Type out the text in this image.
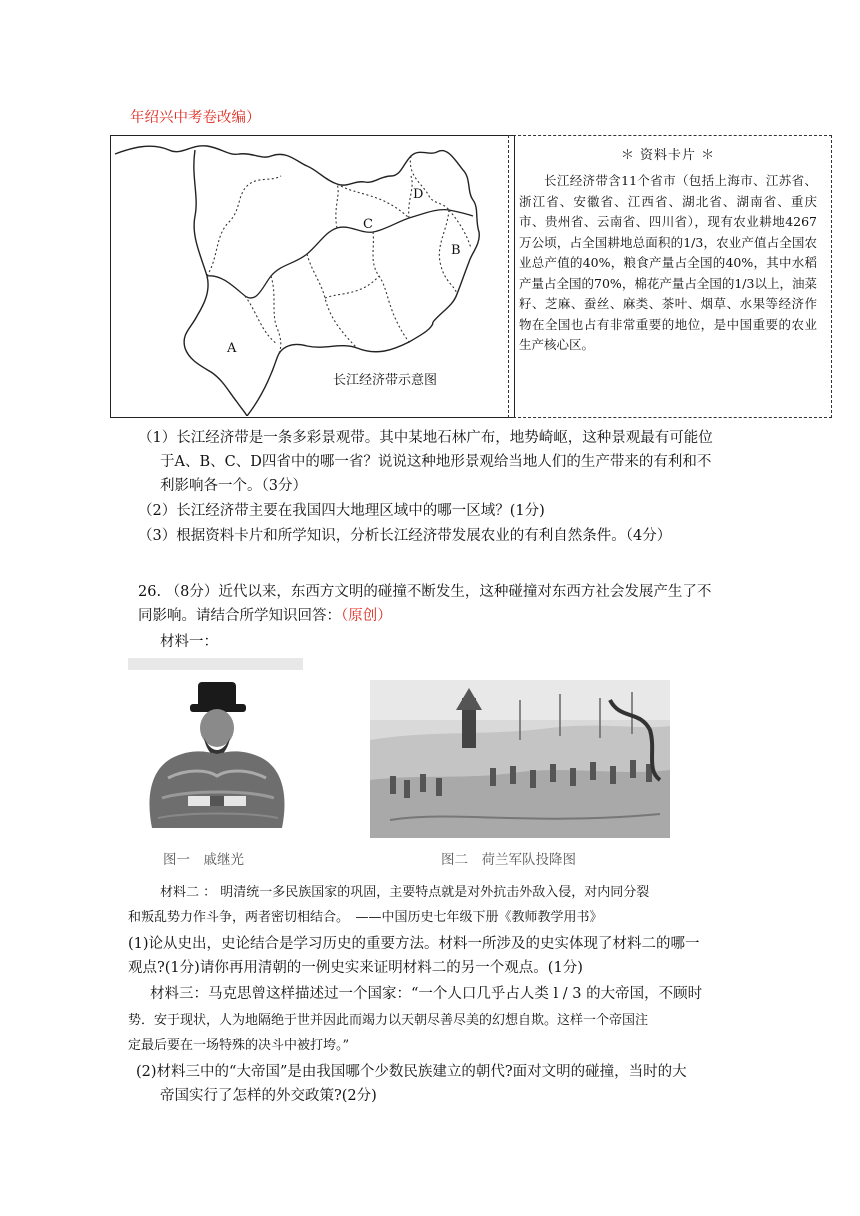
年绍兴中考卷改编）
A
B
C
D
长江经济带示意图
＊ 资料卡片 ＊
长江经济带含11个省市（包括上海市、江苏省、浙江省、安徽省、江西省、湖北省、湖南省、重庆市、贵州省、云南省、四川省），现有农业耕地4267万公顷，占全国耕地总面积的1/3，农业产值占全国农业总产值的40%，粮食产量占全国的40%，其中水稻产量占全国的70%，棉花产量占全国的1/3以上，油菜籽、芝麻、蚕丝、麻类、茶叶、烟草、水果等经济作物在全国也占有非常重要的地位，是中国重要的农业生产核心区。
（1）长江经济带是一条多彩景观带。其中某地石林广布，地势崎岖，这种景观最有可能位
于A、B、C、D四省中的哪一省？说说这种地形景观给当地人们的生产带来的有利和不
利影响各一个。（3分）
（2）长江经济带主要在我国四大地理区域中的哪一区域？(1分)
（3）根据资料卡片和所学知识，分析长江经济带发展农业的有利自然条件。（4分）
26. （8分）近代以来，东西方文明的碰撞不断发生，这种碰撞对东西方社会发展产生了不
同影响。请结合所学知识回答：（原创）
材料一：
图一　戚继光	图二　荷兰军队投降图
材料二 ： 明清统一多民族国家的巩固，主要特点就是对外抗击外敌入侵，对内同分裂
和叛乱势力作斗争，两者密切相结合。　——中国历史七年级下册《教师教学用书》
(1)论从史出，史论结合是学习历史的重要方法。材料一所涉及的史实体现了材料二的哪一
观点?(1分)请你再用清朝的一例史实来证明材料二的另一个观点。(1分)
材料三：马克思曾这样描述过一个国家：“一个人口几乎占人类 l / 3 的大帝国，不顾时
势．安于现状，人为地隔绝于世并因此而竭力以天朝尽善尽美的幻想自欺。这样一个帝国注
定最后要在一场特殊的决斗中被打垮。”
(2)材料三中的“大帝国”是由我国哪个少数民族建立的朝代?面对文明的碰撞，当时的大
帝国实行了怎样的外交政策?(2分)
